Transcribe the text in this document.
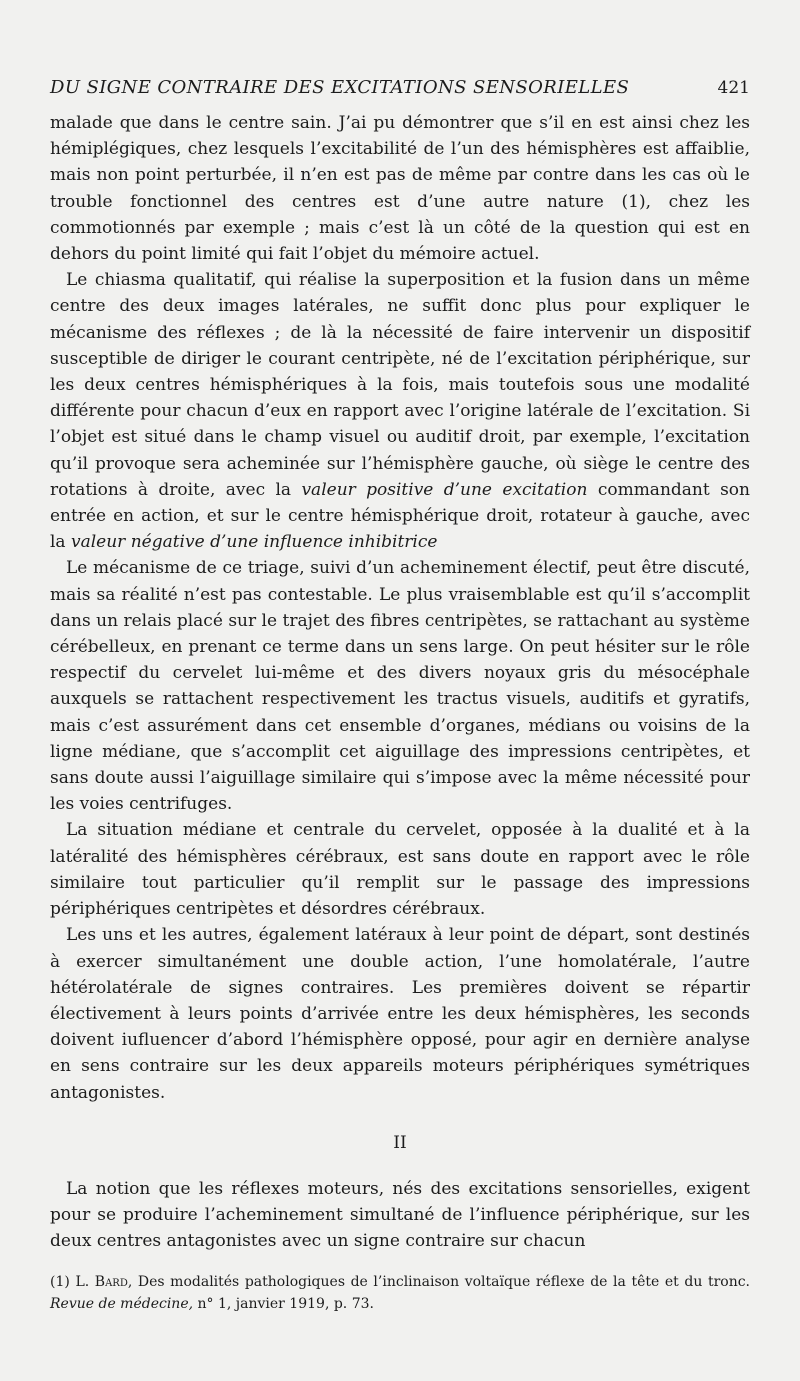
DU SIGNE CONTRAIRE DES EXCITATIONS SENSORIELLES	421

malade que dans le centre sain. J’ai pu démontrer que s’il en est ainsi chez les hémiplégiques, chez lesquels l’excitabilité de l’un des hémisphères est affaiblie, mais non point perturbée, il n’en est pas de même par contre dans les cas où le trouble fonctionnel des centres est d’une autre nature (1), chez les commotionnés par exemple ; mais c’est là un côté de la question qui est en dehors du point limité qui fait l’objet du mémoire actuel.

Le chiasma qualitatif, qui réalise la superposition et la fusion dans un même centre des deux images latérales, ne suffit donc plus pour expliquer le mécanisme des réflexes ; de là la nécessité de faire intervenir un dispositif susceptible de diriger le courant centripète, né de l’excitation périphérique, sur les deux centres hémisphériques à la fois, mais toutefois sous une modalité différente pour chacun d’eux en rapport avec l’origine latérale de l’excitation. Si l’objet est situé dans le champ visuel ou auditif droit, par exemple, l’excitation qu’il provoque sera acheminée sur l’hémisphère gauche, où siège le centre des rotations à droite, avec la valeur positive d’une excitation commandant son entrée en action, et sur le centre hémisphérique droit, rotateur à gauche, avec la valeur négative d’une influence inhibitrice

Le mécanisme de ce triage, suivi d’un acheminement électif, peut être discuté, mais sa réalité n’est pas contestable. Le plus vraisemblable est qu’il s’accomplit dans un relais placé sur le trajet des fibres centripètes, se rattachant au système cérébelleux, en prenant ce terme dans un sens large. On peut hésiter sur le rôle respectif du cervelet lui-même et des divers noyaux gris du mésocéphale auxquels se rattachent respectivement les tractus visuels, auditifs et gyratifs, mais c’est assurément dans cet ensemble d’organes, médians ou voisins de la ligne médiane, que s’accomplit cet aiguillage des impressions centripètes, et sans doute aussi l’aiguillage similaire qui s’impose avec la même nécessité pour les voies centrifuges.

La situation médiane et centrale du cervelet, opposée à la dualité et à la latéralité des hémisphères cérébraux, est sans doute en rapport avec le rôle similaire tout particulier qu’il remplit sur le passage des impressions périphériques centripètes et désordres cérébraux.

Les uns et les autres, également latéraux à leur point de départ, sont destinés à exercer simultanément une double action, l’une homolatérale, l’autre hétérolatérale de signes contraires. Les premières doivent se répartir électivement à leurs points d’arrivée entre les deux hémisphères, les seconds doivent iufluencer d’abord l’hémisphère opposé, pour agir en dernière analyse en sens contraire sur les deux appareils moteurs périphériques symétriques antagonistes.

II

La notion que les réflexes moteurs, nés des excitations sensorielles, exigent pour se produire l’acheminement simultané de l’influence périphérique, sur les deux centres antagonistes avec un signe contraire sur chacun

(1) L. Bard, Des modalités pathologiques de l’inclinaison voltaïque réflexe de la tête et du tronc. Revue de médecine, n° 1, janvier 1919, p. 73.
